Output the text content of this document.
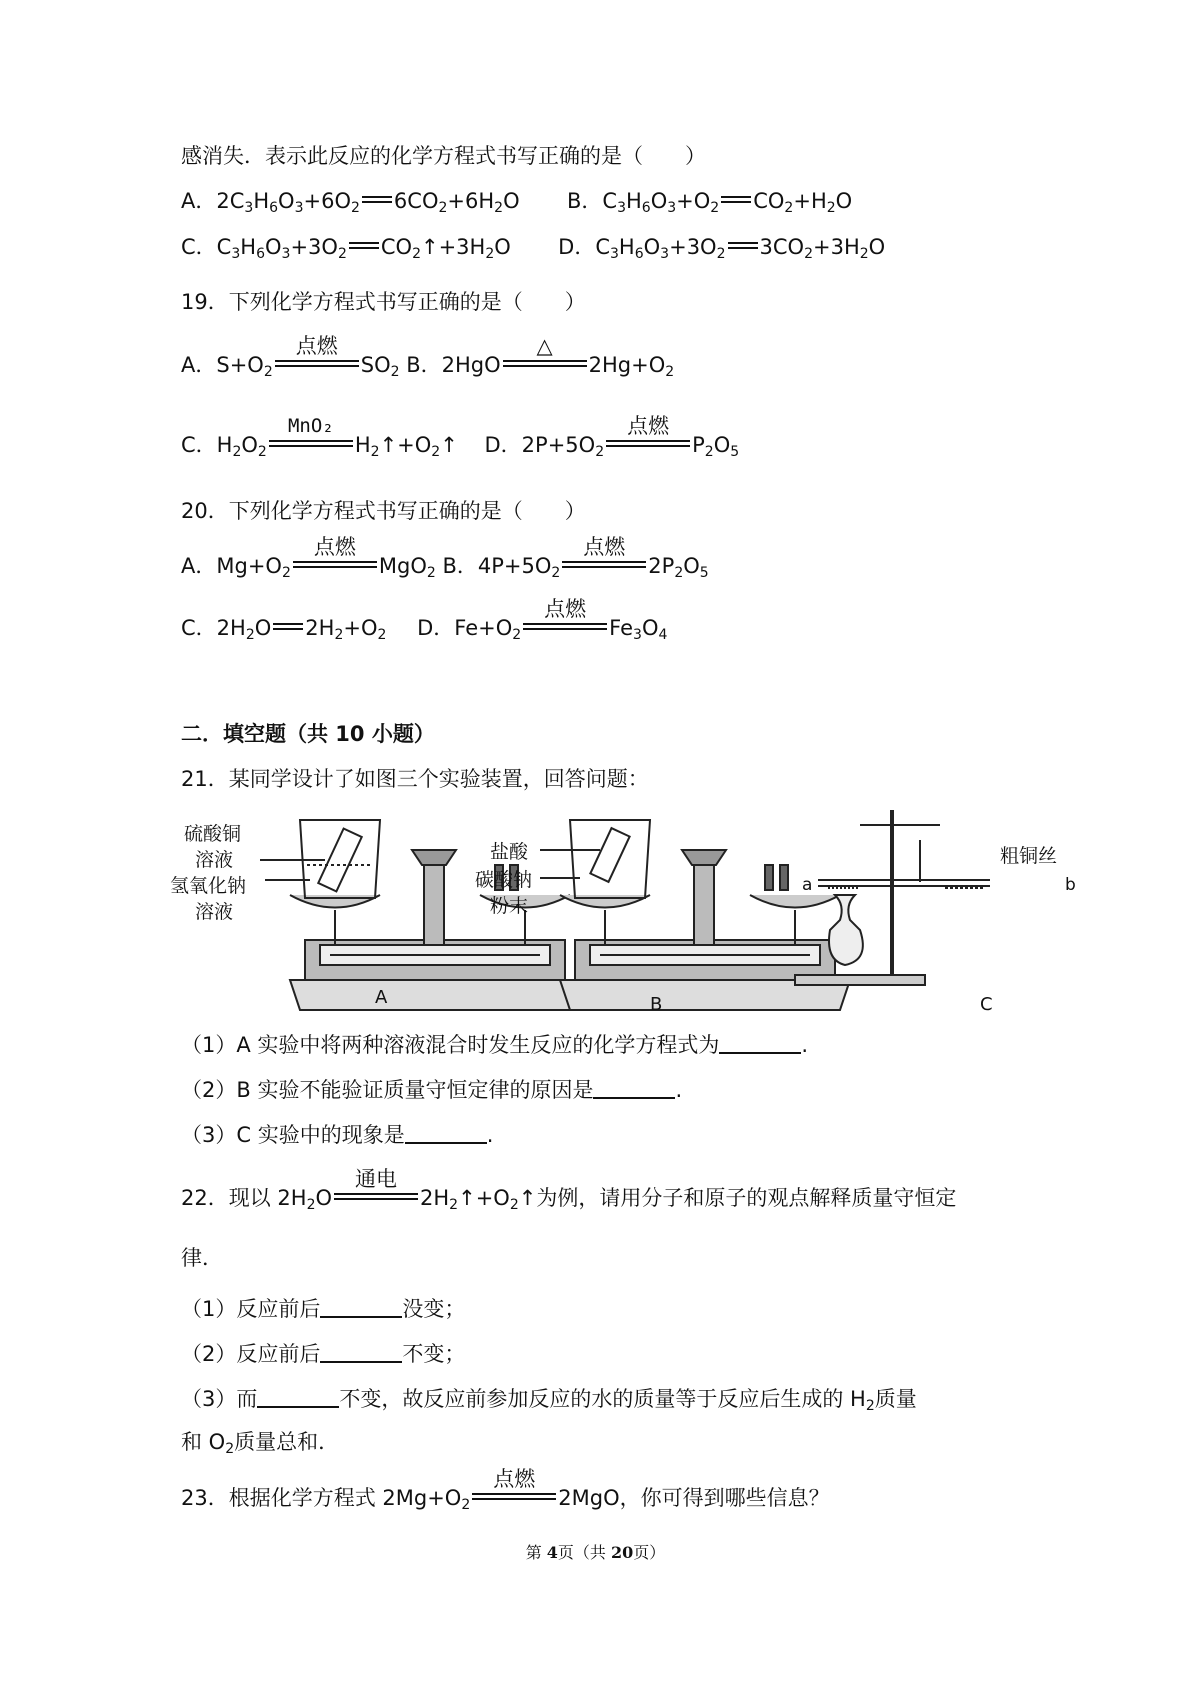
感消失．表示此反应的化学方程式书写正确的是（　　）
A．$2C_3H_6O_3+6O_2$ $6CO_2+6H_2O$  B．$C_3H_6O_3+O_2$ $CO_2+H_2O$
C．$C_3H_6O_3+3O_2$ $CO_2↑+3H_2O$  D．$C_3H_6O_3+3O_2$ $3CO_2+3H_2O$
19．下列化学方程式书写正确的是（　　）
A．$S+O_2$
点燃
$SO_2$ B．2HgO
△
$2Hg+O_2$
C．$H_2O_2$
MnO₂
$H_2↑+O_2↑$ D．$2P+5O_2$
点燃
$P_2O_5$
20．下列化学方程式书写正确的是（　　）
A．$Mg+O_2$
点燃
MgO$_2$ B．$4P+5O_2$
点燃
$2P_2O_5$
C．$2H_2O$ $2H_2+O_2$ D．$Fe+O_2$
点燃
$Fe_3O_4$
二．填空题（共 10 小题）
21．某同学设计了如图三个实验装置，回答问题：
硫酸铜
溶液
氢氧化钠
溶液
盐酸
碳酸钠
粉末
粗铜丝
a	b
A	B	C
（1）A 实验中将两种溶液混合时发生反应的化学方程式为	.
（2）B 实验不能验证质量守恒定律的原因是	.
（3）C 实验中的现象是	.
22．现以 $2H_2O$
通电
$2H_2↑+O_2↑$为例，请用分子和原子的观点解释质量守恒定
律．
（1）反应前后	没变；
（2）反应前后	不变；
（3）而	不变，故反应前参加反应的水的质量等于反应后生成的 $H_2$质量
和 $O_2$质量总和．
23．根据化学方程式 $2Mg+O_2$
点燃
2MgO，你可得到哪些信息？
第 4页（共 20页）
